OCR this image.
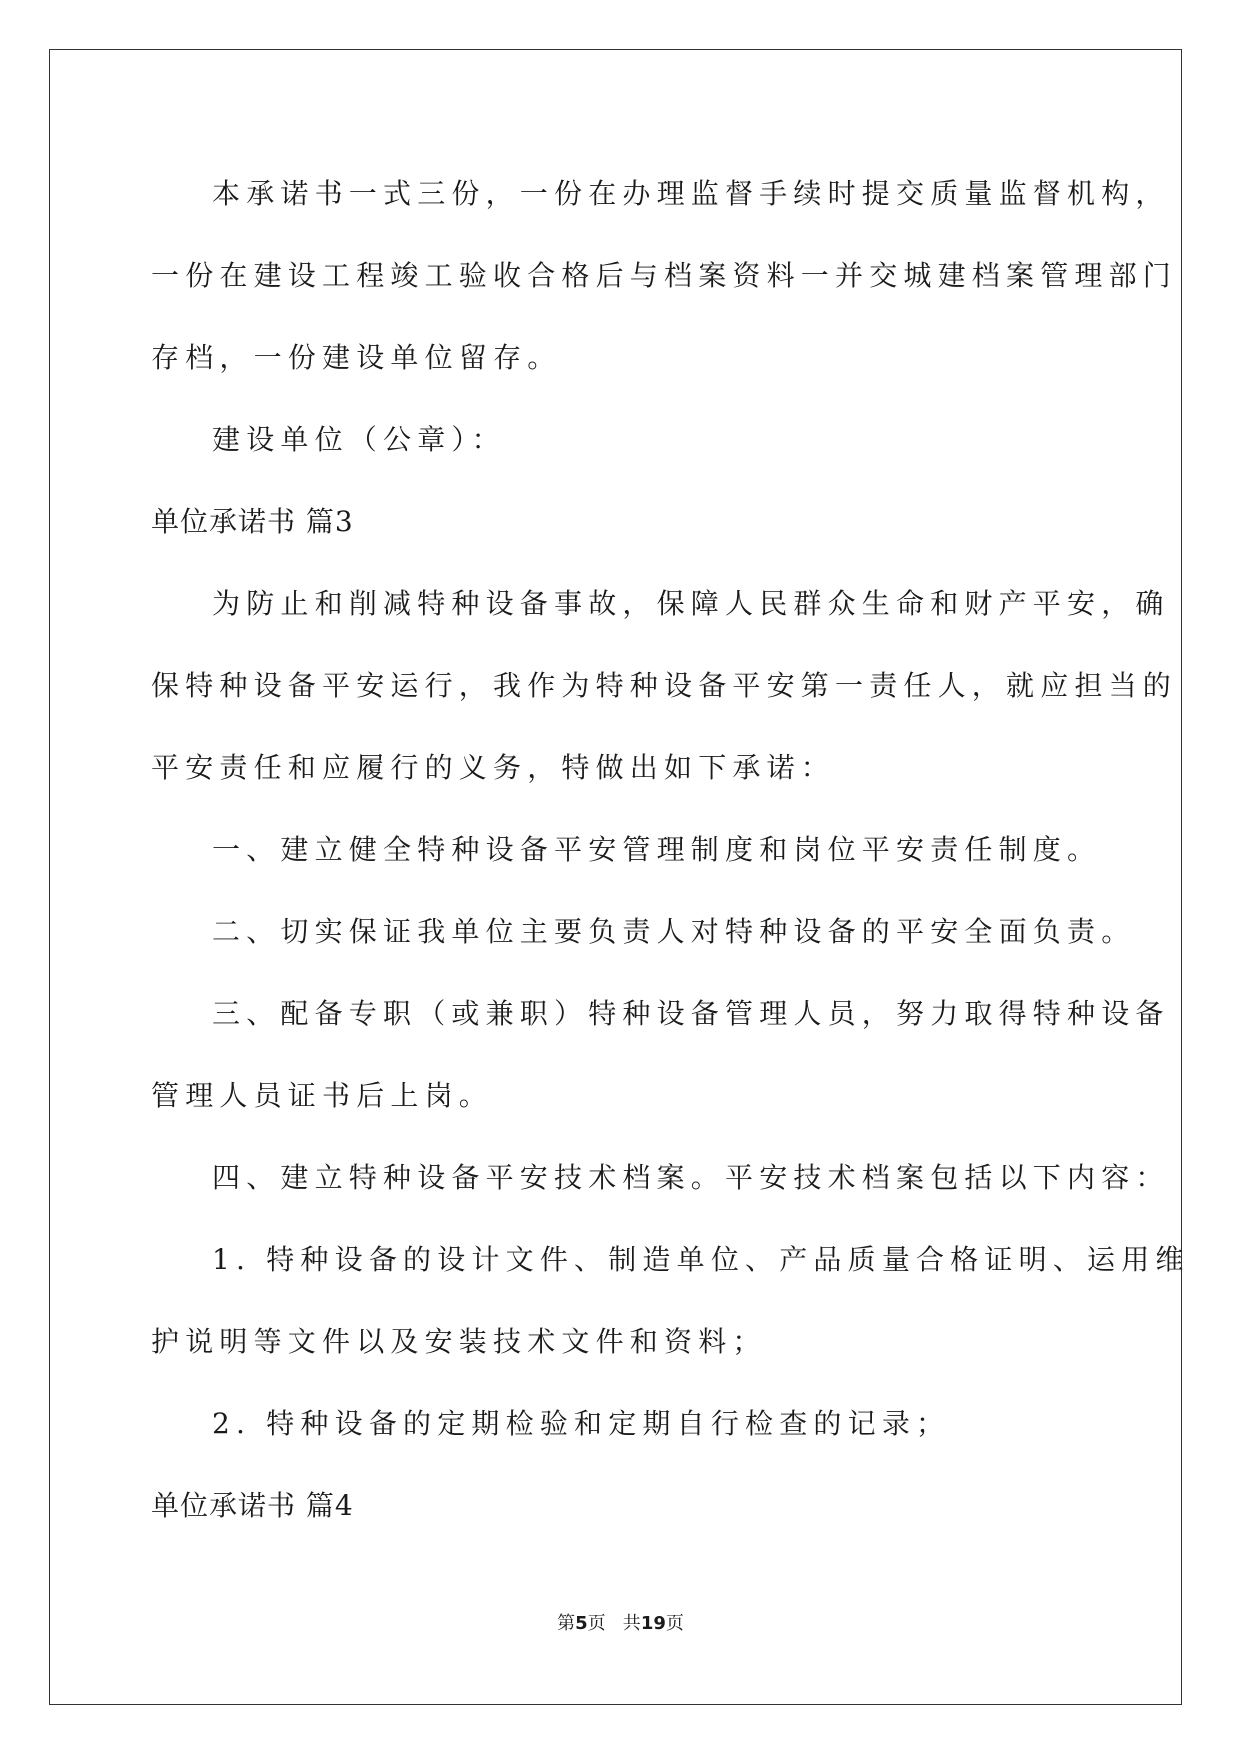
本承诺书一式三份，一份在办理监督手续时提交质量监督机构，
一份在建设工程竣工验收合格后与档案资料一并交城建档案管理部门
存档，一份建设单位留存。
建设单位（公章）：
单位承诺书 篇3
为防止和削减特种设备事故，保障人民群众生命和财产平安，确
保特种设备平安运行，我作为特种设备平安第一责任人，就应担当的
平安责任和应履行的义务，特做出如下承诺：
一、建立健全特种设备平安管理制度和岗位平安责任制度。
二、切实保证我单位主要负责人对特种设备的平安全面负责。
三、配备专职（或兼职）特种设备管理人员，努力取得特种设备
管理人员证书后上岗。
四、建立特种设备平安技术档案。平安技术档案包括以下内容：
1. 特种设备的设计文件、制造单位、产品质量合格证明、运用维
护说明等文件以及安装技术文件和资料；
2. 特种设备的定期检验和定期自行检查的记录；
单位承诺书 篇4
第5页   共19页
